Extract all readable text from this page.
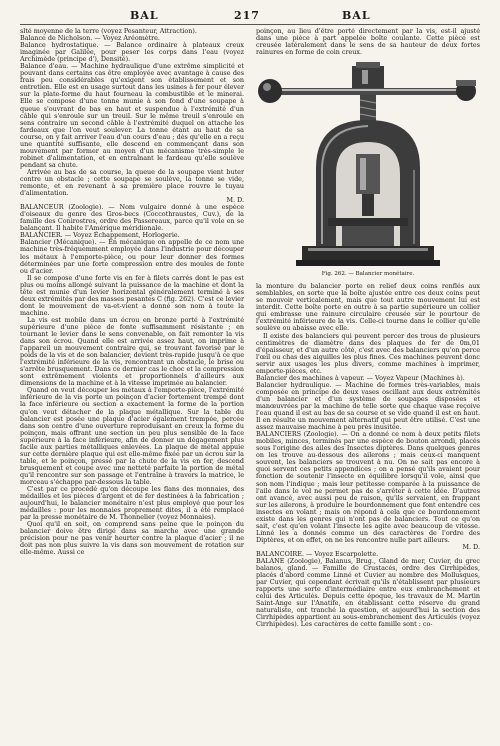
BAL	217	BAL

slté moyenne de la terre (voyez Pesanteur, Attraction).

Balance de Nicholson. — Voyez Aréomètre.

Balance hydrostatique. — Balance ordinaire à plateaux creux imaginée par Galilée, pour peser les corps dans l'eau (voyez Archimède (principe d'), Densité).

Balance d'eau. — Machine hydraulique d'une extrême simplicité et pouvant dans certains cas être employée avec avantage à cause des frais peu considérables qu'exigent son établissement et son entretien. Elle est en usage surtout dans les usines à fer pour élever sur la plate-forme du haut fourneau la combustible et le minerai. Elle se compose d'une tonne munie à son fond d'une soupape à queue s'ouvrant de bas en haut et suspendue à l'extrémité d'un câble qui s'enroule sur un treuil. Sur le même treuil s'enroule en sens contraire un second câble à l'extrémité duquel on attache les fardeaux que l'on veut soulever. La tonne étant au haut de sa course, on y fait arriver l'eau d'un cours d'eau ; dès qu'elle en a reçu une quantité suffisante, elle descend en commençant dans son mouvement par former au moyen d'un mécanisme très-simple le robinet d'alimentation, et en entraînant le fardeau qu'elle soulève pendant sa chute.

Arrivée au bas de sa course, la queue de la soupape vient buter contre un obstacle ; cette soupape se soulève, la tonne se vide, remonte, et en revenant à sa première place rouvre le tuyau d'alimentation.

M. D.

BALANCEUR (Zoologie). — Nom vulgaire donné à une espèce d'oiseaux du genre des Gros-becs (Coccothraustes, Cuv.), de la famille des Conirostres, ordre des Passereaux, parce qu'il vole en se balançant. Il habite l'Amérique méridionale.

BALANCIER. — Voyez Échappement, Horlogerie.

Balancier (Mécanique). — En mécanique on appelle de ce nom une machine très-fréquemment employée dans l'industrie pour découper les métaux à l'emporte-pièce, ou pour leur donner des formes déterminées par une forte compression entre des moules de fonte ou d'acier.

Il se compose d'une forte vis en fer à filets carrés dont le pas est plus ou moins allongé suivant la puissance de la machine et dont la tête est munie d'un levier horizontal généralement terminé à ses deux extrémités par des masses pesantes C (fig. 262). C'est ce levier dont le mouvement de va-et-vient a donné son nom à toute la machine.

La vis est mobile dans un écrou en bronze porté à l'extrémité supérieure d'une pièce de fonte suffisamment résistante ; en tournant le levier dans le sens convenable, on fait remonter la vis dans son écrou. Quand elle est arrivée assez haut, on imprime à l'appareil un mouvement contraire qui, se trouvant favorisé par le poids de la vis et de son balancier, devient très-rapide jusqu'à ce que l'extrémité inférieure de la vis, rencontrant un obstacle, le brise ou s'arrête brusquement. Dans ce dernier cas le choc et la compression sont extrêmement violents et proportionnels d'ailleurs aux dimensions de la machine et à la vitesse imprimée au balancier.

Quand on veut découper les métaux à l'emporte-pièce, l'extrémité inférieure de la vis porte un poinçon d'acier fortement trempé dont la face inférieure ou section a exactement la forme de la portion qu'on veut détacher de la plaque métallique. Sur la table du balancier est posée une plaque d'acier également trempée, percée dans son centre d'une ouverture reproduisant en creux la forme du poinçon, mais offrant une section un peu plus sensible de la face supérieure à la face inférieure, afin de donner un dégagement plus facile aux parties métalliques enlevées. La plaque de métal appuie sur cette dernière plaque qui est elle-même fixée par un écrou sur la table, et le poinçon, pressé par la chute de la vis en fer, descend brusquement et coupe avec une netteté parfaite la portion de métal qu'il rencontre sur son passage et l'entraîne à travers la matrice, le morceau s'échappe par-dessous la table.

C'est par ce procédé qu'on découpe les flans des monnaies, des médailles et les pièces d'argent et de fer destinées à la fabrication ; aujourd'hui, le balancier monétaire n'est plus employé que pour les médailles : pour les monnaies proprement dites, il a été remplacé par la presse monétaire de M. Thonnelier (voyez Monnaies).

Quoi qu'il en soit, on comprend sans peine que le poinçon du balancier doive être dirigé dans sa marche avec une grande précision pour ne pas venir heurter contre la plaque d'acier ; il ne doit pas non plus suivre la vis dans son mouvement de rotation sur elle-même. Aussi ce

poinçon, au lieu d'être porté directement par la vis, est-il ajusté dans une pièce à part appelée boîte coulante. Cette pièce est creusée latéralement dans le sens de sa hauteur de deux fortes rainures en forme de coin creux.

Fig. 262. — Balancier monétaire.

la monture du balancier porte en relief deux coins renflés aux semblables, en sorte que la boîte ajustée entre ces deux coins peut se mouvoir verticalement, mais que tout autre mouvement lui est interdit. Cette boîte porte en outre à sa partie supérieure un collier qui embrasse une rainure circulaire creusée sur le pourtour de l'extrémité inférieure de la vis. Celle-ci tourne dans le collier qu'elle soulève ou abaisse avec elle.

Il existe des balanciers qui peuvent percer des trous de plusieurs centimètres de diamètre dans des plaques de fer de 0m,01 d'épaisseur, et d'un autre côté, c'est avec des balanciers qu'on perce l'œil ou chas des aiguilles les plus fines. Ces machines peuvent donc servir aux usages les plus divers, comme machines à imprimer, emporte-pièces, etc.

Balancier des machines à vapeur. — Voyez Vapeur (Machines à).

Balancier hydraulique. — Machine de formes très-variables, mais composée en principe de deux vases oscillant aux deux extrémités d'un balancier et d'un système de soupapes disposées et manœuvrées par la machine de telle sorte que chaque vase reçoive l'eau quand il est au bas de sa course et se vide quand il est en haut. Il en résulte un mouvement alternatif qui peut être utilisé. C'est une assez mauvaise machine à peu près inusitée.

BALANCIERS (Zoologie). — On a donné ce nom à deux petits filets mobiles, minces, terminés par une espèce de bouton arrondi, placés sous l'origine des ailes des Insectes diptères. Dans quelques genres on les trouve au-dessous des ailerons ; mais ceux-ci manquent souvent, les balanciers se trouvent à nu. On ne sait pas encore à quoi servent ces petits appendices ; on a pensé qu'ils avaient pour fonction de soutenir l'insecte en équilibre lorsqu'il vole, ainsi que son nom l'indique ; mais leur petitesse comparée à la puissance de l'aile dans le vol ne permet pas de s'arrêter à cette idée. D'autres ont avancé, avec aussi peu de raison, qu'ils servaient, en frappant sur les ailerons, à produire le bourdonnement que font entendre ces insectes en volant ; mais on répond à cela que ce bourdonnement existe dans les genres qui n'ont pas de balanciers. Tout ce qu'on sait, c'est qu'en volant l'insecte les agite avec beaucoup de vitesse. Linné les a donnés comme un des caractères de l'ordre des Diptères, et on effet, on ne les rencontre nulle part ailleurs.

M. D.

BALANCOIRE. — Voyez Escarpolette.

BALANE (Zoologie), Balanus, Brug., Gland de mer, Cuvier, du grec balanos, gland. — Famille de Crustacés, ordre des Cirrhipèdes, placés d'abord comme Linné et Cuvier au nombre des Mollusques, par Cuvier, qui cependant écrivait qu'ils n'établissent par plusieurs rapports une sorte d'intermédiaire entre eux embranchement et celui des Articulés. Depuis cette époque, les travaux de M. Martin Saint-Ange sur l'Anatife, en établissant cette réserve du grand naturaliste, ont tranché la question, et aujourd'hui la section des Cirrhipèdes appartient au sous-embranchement des Articulés (voyez Cirrhipèdes). Les caractères de cette famille sont : co-
